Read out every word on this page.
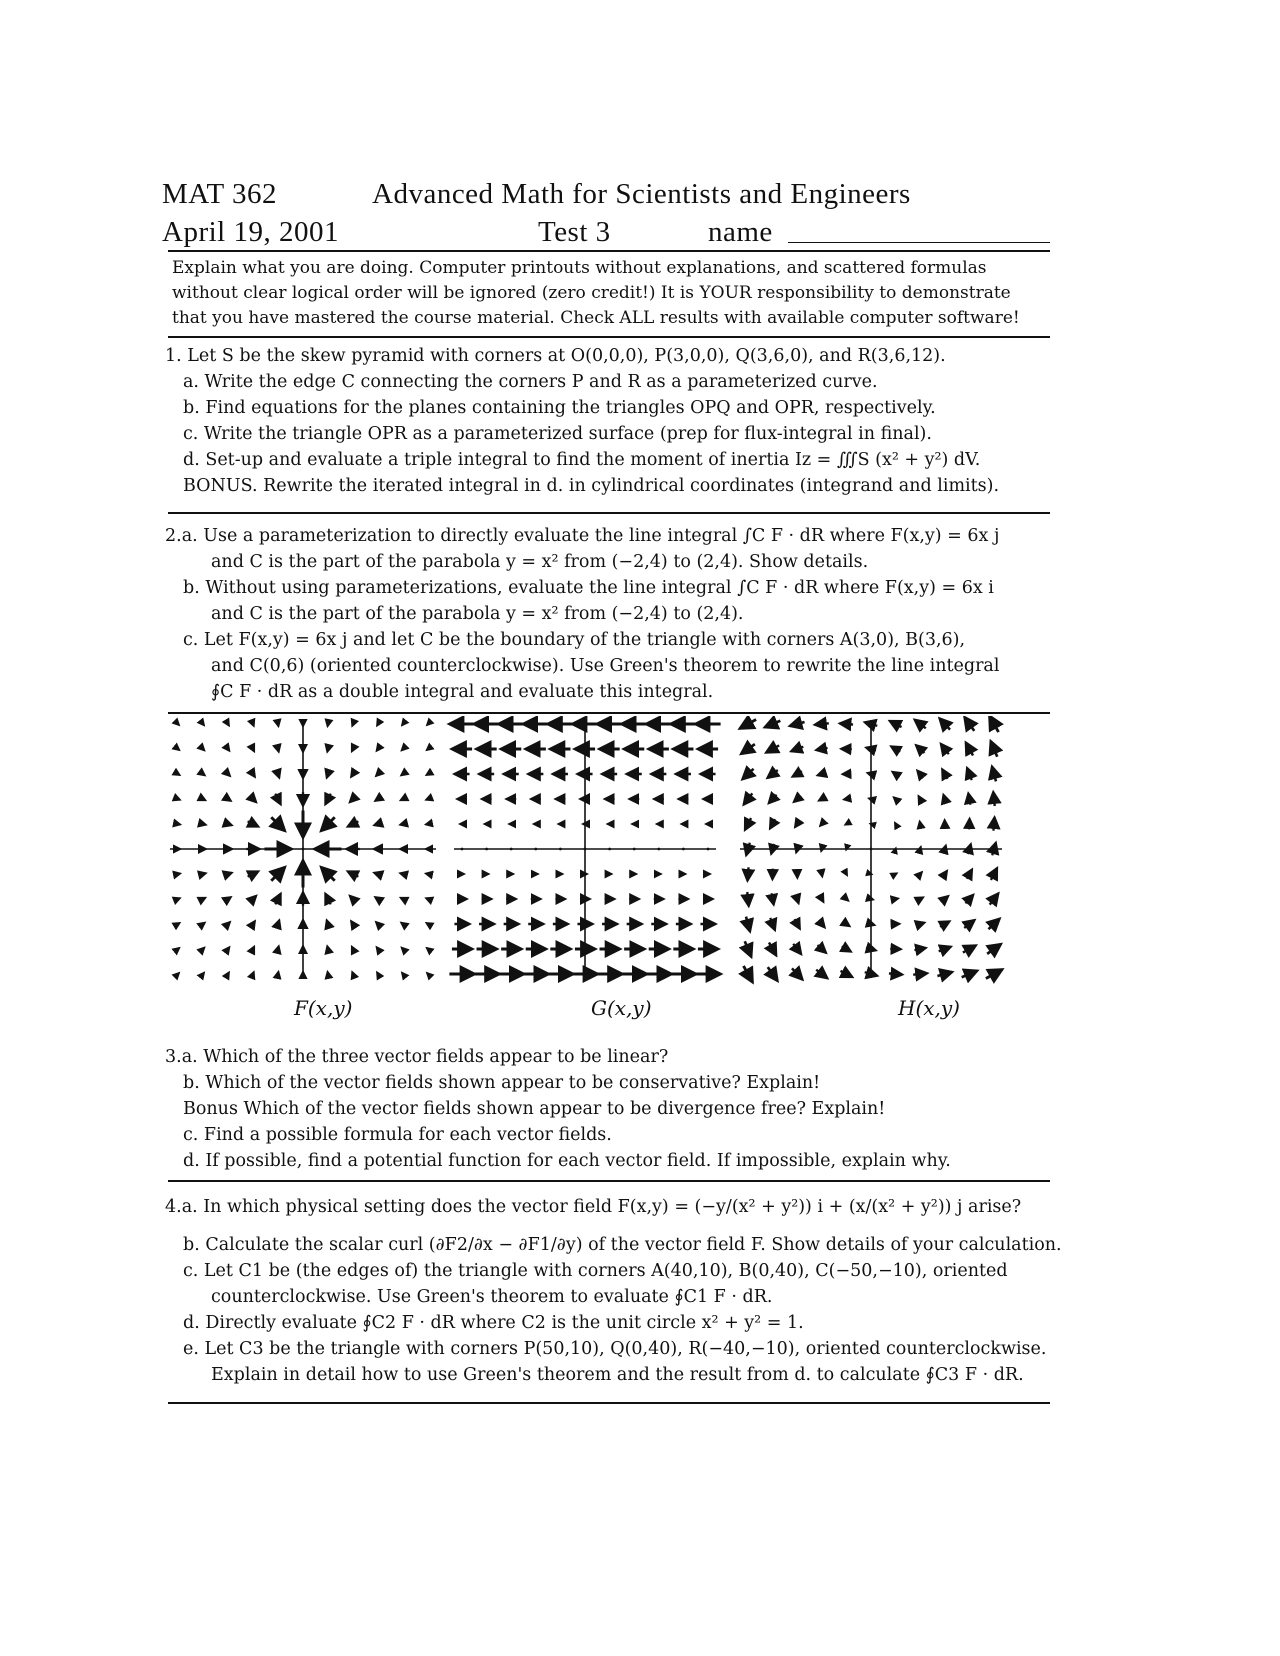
MAT 362	Advanced Math for Scientists and Engineers
April 19, 2001	Test 3	name
Explain what you are doing. Computer printouts without explanations, and scattered formulas
without clear logical order will be ignored (zero credit!) It is YOUR responsibility to demonstrate
that you have mastered the course material. Check ALL results with available computer software!
1. Let S be the skew pyramid with corners at O(0,0,0), P(3,0,0), Q(3,6,0), and R(3,6,12).
a. Write the edge C connecting the corners P and R as a parameterized curve.
b. Find equations for the planes containing the triangles OPQ and OPR, respectively.
c. Write the triangle OPR as a parameterized surface (prep for flux-integral in final).
d. Set-up and evaluate a triple integral to find the moment of inertia Iz = ∭S (x² + y²) dV.
BONUS. Rewrite the iterated integral in d. in cylindrical coordinates (integrand and limits).
2.a. Use a parameterization to directly evaluate the line integral ∫C F · dR where F(x,y) = 6x j
and C is the part of the parabola y = x² from (−2,4) to (2,4). Show details.
b. Without using parameterizations, evaluate the line integral ∫C F · dR where F(x,y) = 6x i
and C is the part of the parabola y = x² from (−2,4) to (2,4).
c. Let F(x,y) = 6x j and let C be the boundary of the triangle with corners A(3,0), B(3,6),
and C(0,6) (oriented counterclockwise). Use Green's theorem to rewrite the line integral
∮C F · dR as a double integral and evaluate this integral.
F(x,y)	G(x,y)	H(x,y)
3.a. Which of the three vector fields appear to be linear?
b. Which of the vector fields shown appear to be conservative? Explain!
Bonus Which of the vector fields shown appear to be divergence free? Explain!
c. Find a possible formula for each vector fields.
d. If possible, find a potential function for each vector field. If impossible, explain why.
4.a. In which physical setting does the vector field F(x,y) = (−y/(x² + y²)) i + (x/(x² + y²)) j arise?
b. Calculate the scalar curl (∂F2/∂x − ∂F1/∂y) of the vector field F. Show details of your calculation.
c. Let C1 be (the edges of) the triangle with corners A(40,10), B(0,40), C(−50,−10), oriented
counterclockwise. Use Green's theorem to evaluate ∮C1 F · dR.
d. Directly evaluate ∮C2 F · dR where C2 is the unit circle x² + y² = 1.
e. Let C3 be the triangle with corners P(50,10), Q(0,40), R(−40,−10), oriented counterclockwise.
Explain in detail how to use Green's theorem and the result from d. to calculate ∮C3 F · dR.
